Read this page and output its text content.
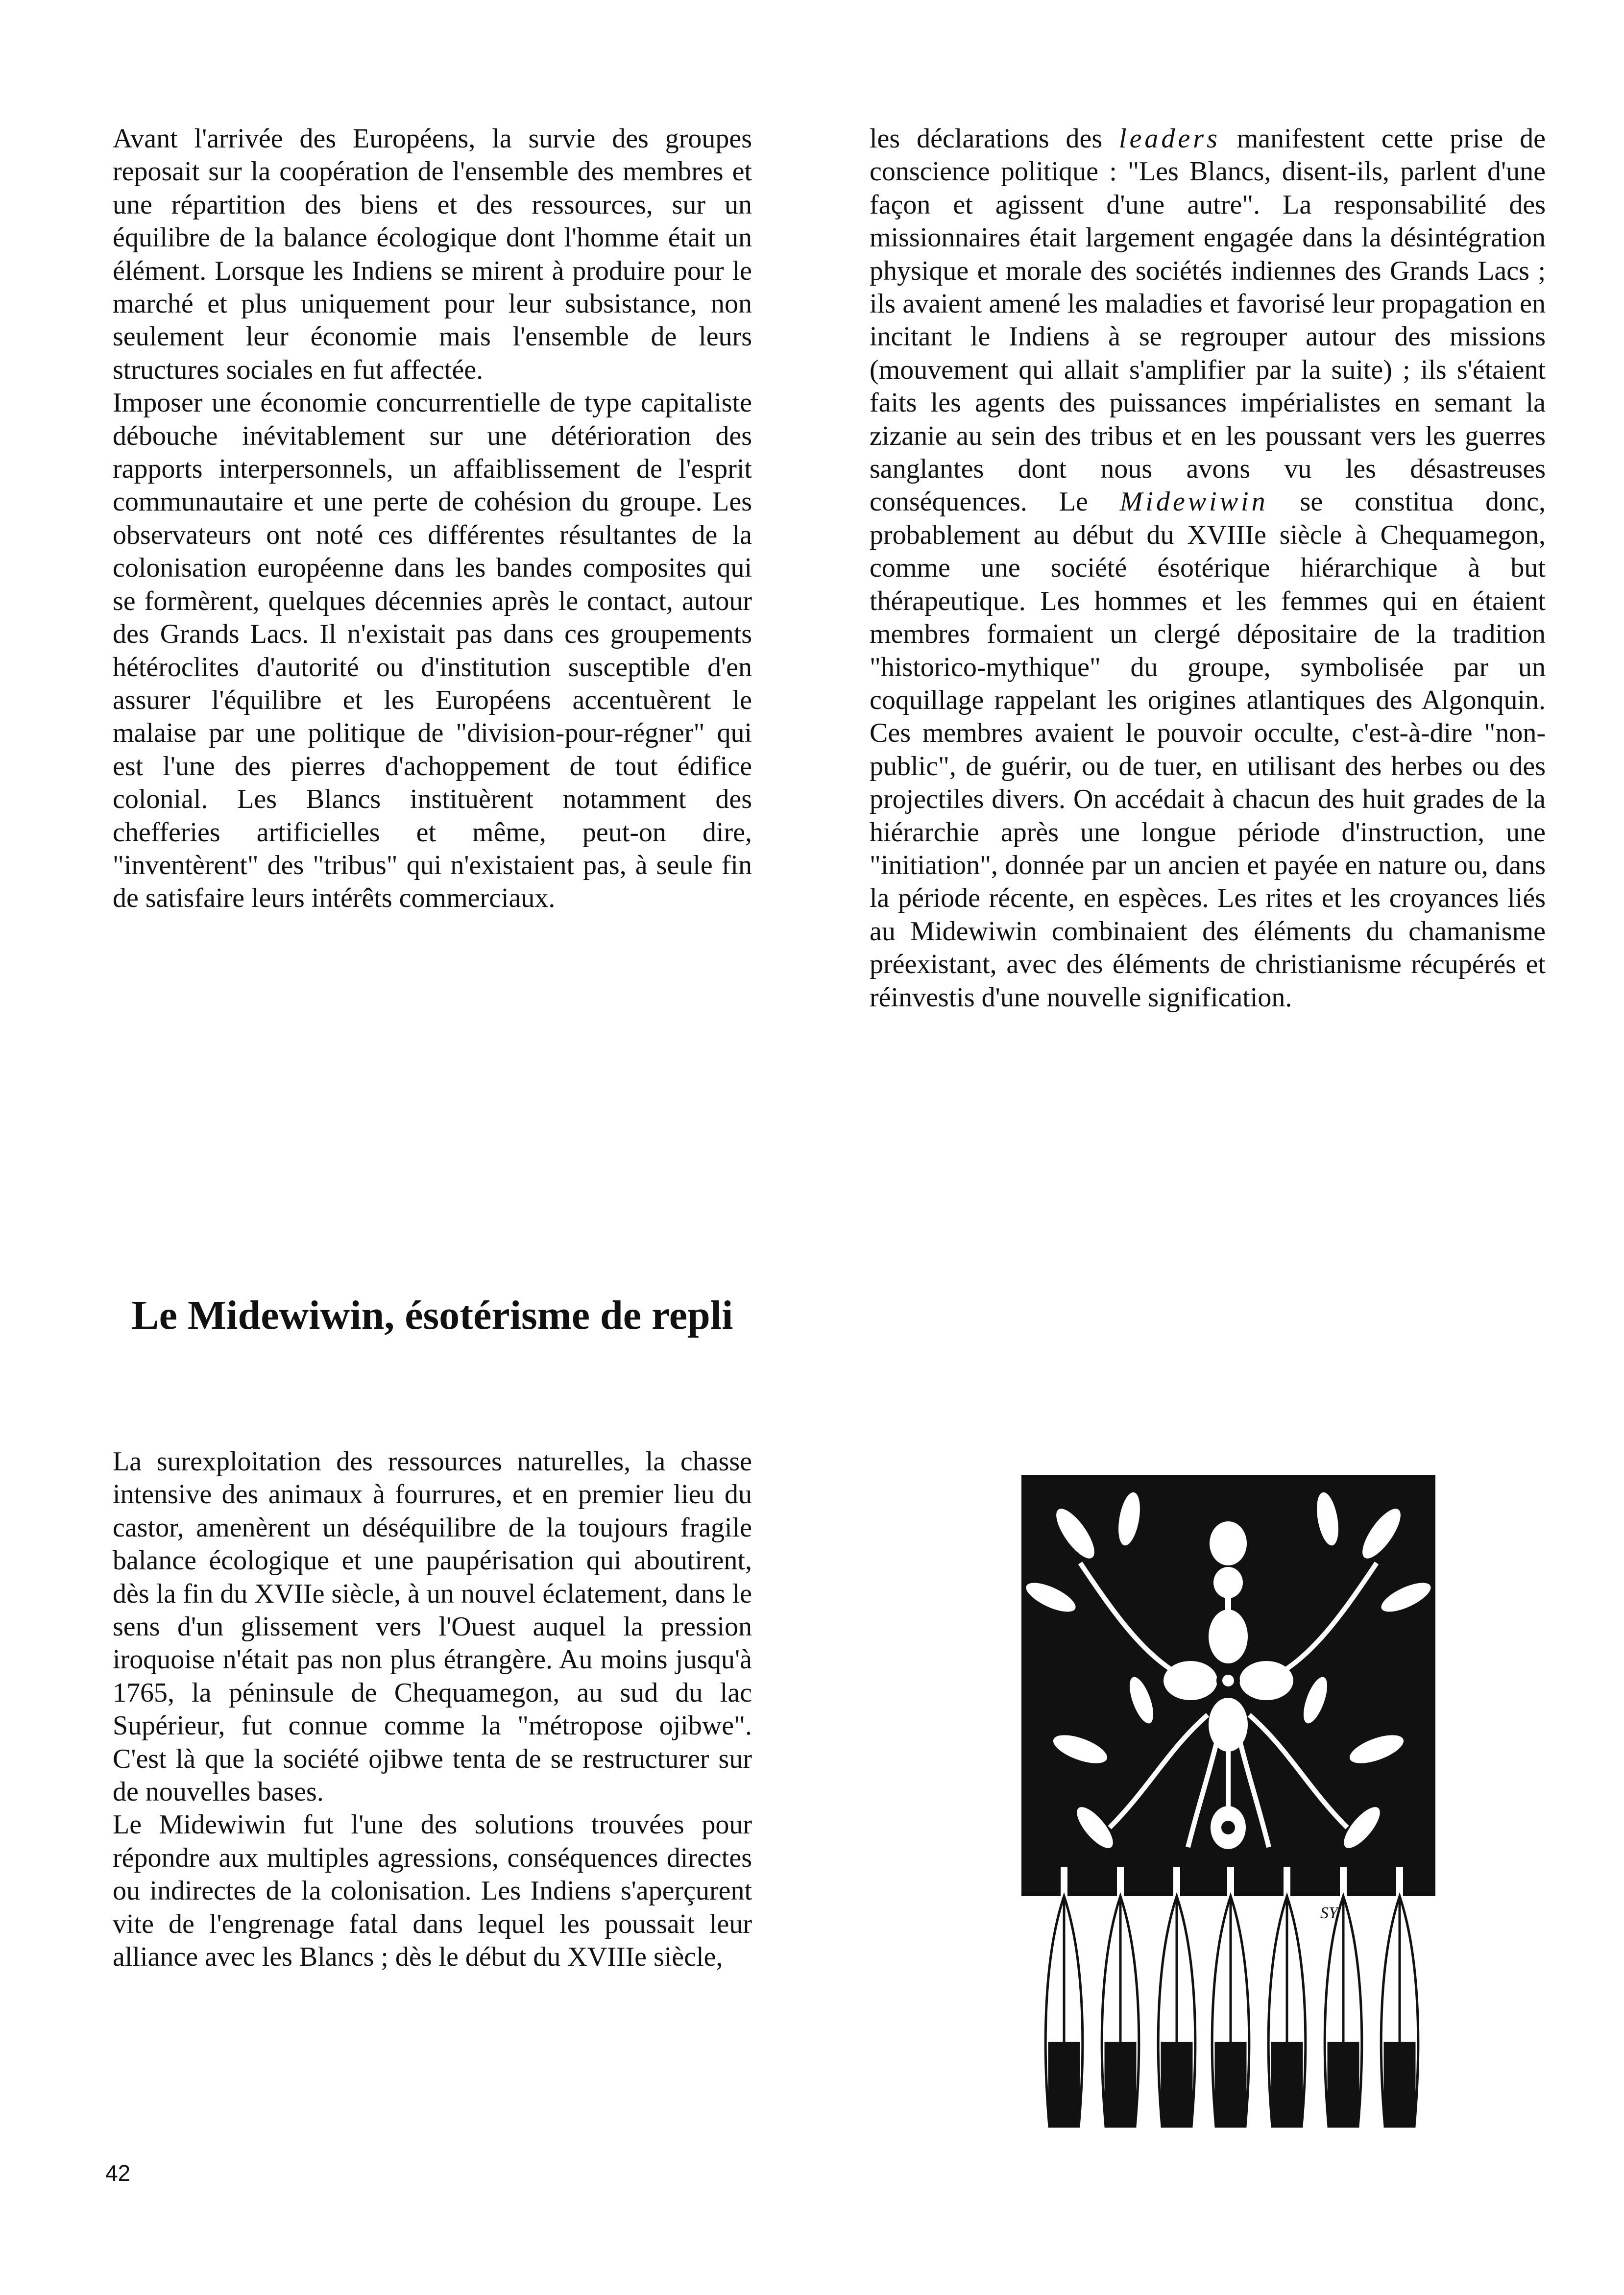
Avant l'arrivée des Européens, la survie des groupes reposait sur la coopération de l'ensemble des membres et une répartition des biens et des ressources, sur un équilibre de la balance écologique dont l'homme était un élément. Lorsque les Indiens se mirent à produire pour le marché et plus uniquement pour leur subsistance, non seulement leur économie mais l'ensemble de leurs structures sociales en fut affectée.

Imposer une économie concurrentielle de type capitaliste débouche inévitablement sur une détérioration des rapports interpersonnels, un affaiblissement de l'esprit communautaire et une perte de cohésion du groupe. Les observateurs ont noté ces différentes résultantes de la colonisation européenne dans les bandes composites qui se formèrent, quelques décennies après le contact, autour des Grands Lacs. Il n'existait pas dans ces groupements hétéroclites d'autorité ou d'institution susceptible d'en assurer l'équilibre et les Européens accentuèrent le malaise par une politique de "division-pour-régner" qui est l'une des pierres d'achoppement de tout édifice colonial. Les Blancs instituèrent notamment des chefferies artificielles et même, peut-on dire, "inventèrent" des "tribus" qui n'existaient pas, à seule fin de satisfaire leurs intérêts commerciaux.

Le Midewiwin, ésotérisme de repli

La surexploitation des ressources naturelles, la chasse intensive des animaux à fourrures, et en premier lieu du castor, amenèrent un déséquilibre de la toujours fragile balance écologique et une paupérisation qui aboutirent, dès la fin du XVIIe siècle, à un nouvel éclatement, dans le sens d'un glissement vers l'Ouest auquel la pression iroquoise n'était pas non plus étrangère. Au moins jusqu'à 1765, la péninsule de Chequamegon, au sud du lac Supérieur, fut connue comme la "métropose ojibwe". C'est là que la société ojibwe tenta de se restructurer sur de nouvelles bases.

Le Midewiwin fut l'une des solutions trouvées pour répondre aux multiples agressions, conséquences directes ou indirectes de la colonisation. Les Indiens s'aperçurent vite de l'engrenage fatal dans lequel les poussait leur alliance avec les Blancs ; dès le début du XVIIIe siècle,

les déclarations des leaders manifestent cette prise de conscience politique : "Les Blancs, disent-ils, parlent d'une façon et agissent d'une autre". La responsabilité des missionnaires était largement engagée dans la désintégration physique et morale des sociétés indiennes des Grands Lacs ; ils avaient amené les maladies et favorisé leur propagation en incitant le Indiens à se regrouper autour des missions (mouvement qui allait s'amplifier par la suite) ; ils s'étaient faits les agents des puissances impérialistes en semant la zizanie au sein des tribus et en les poussant vers les guerres sanglantes dont nous avons vu les désastreuses conséquences. Le Midewiwin se constitua donc, probablement au début du XVIIIe siècle à Chequamegon, comme une société ésotérique hiérarchique à but thérapeutique. Les hommes et les femmes qui en étaient membres formaient un clergé dépositaire de la tradition "historico-mythique" du groupe, symbolisée par un coquillage rappelant les origines atlantiques des Algonquin. Ces membres avaient le pouvoir occulte, c'est-à-dire "non-public", de guérir, ou de tuer, en utilisant des herbes ou des projectiles divers. On accédait à chacun des huit grades de la hiérarchie après une longue période d'instruction, une "initiation", donnée par un ancien et payée en nature ou, dans la période récente, en espèces. Les rites et les croyances liés au Midewiwin combinaient des éléments du chamanisme préexistant, avec des éléments de christianisme récupérés et réinvestis d'une nouvelle signification.

SY
42
